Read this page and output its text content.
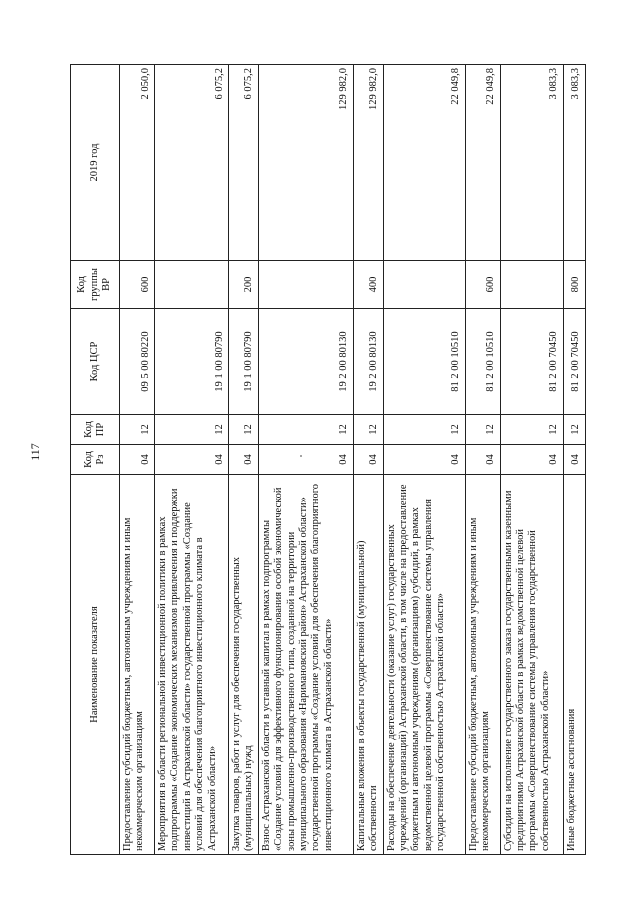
117
Наименование показателя	Код Рз	Код ПР	Код ЦСР	Код группы ВР	2019 год
Предоставление субсидий бюджетным, автономным учреждениям и иным некоммерческим организациям	04	12	09 5 00 80220	600	2 050,0
Мероприятия в области региональной инвестиционной политики в рамках подпрограммы «Создание экономических механизмов привлечения и поддержки инвестиций в Астраханской области» государственной программы «Создание условий для обеспечения благоприятного инвестиционного климата в Астраханской области»	04	12	19 1 00 80790		6 075,2
Закупка товаров, работ и услуг для обеспечения государственных (муниципальных) нужд	04	12	19 1 00 80790	200	6 075,2
Взнос Астраханской области в уставный капитал в рамках подпрограммы «Создание условий для эффективного функционирования особой экономической зоны промышленно-производственного типа, созданной на территории муниципального образования «Наримановский район» Астраханской области» государственной программы «Создание условий для обеспечения благоприятного инвестиционного климата в Астраханской области»	04	12	19 2 00 80130		129 982,0
Капитальные вложения в объекты государственной (муниципальной) собственности	04	12	19 2 00 80130	400	129 982,0
Расходы на обеспечение деятельности (оказание услуг) государственных учреждений (организаций) Астраханской области, в том числе на предоставление бюджетным и автономным учреждениям (организациям) субсидий, в рамках ведомственной целевой программы «Совершенствование системы управления государственной собственностью Астраханской области»	04	12	81 2 00 10510		22 049,8
Предоставление субсидий бюджетным, автономным учреждениям и иным некоммерческим организациям	04	12	81 2 00 10510	600	22 049,8
Субсидии на исполнение государственного заказа государственными казенными предприятиями Астраханской области в рамках ведомственной целевой программы «Совершенствование системы управления государственной собственностью Астраханской области»	04	12	81 2 00 70450		3 083,3
Иные бюджетные ассигнования	04	12	81 2 00 70450	800	3 083,3
